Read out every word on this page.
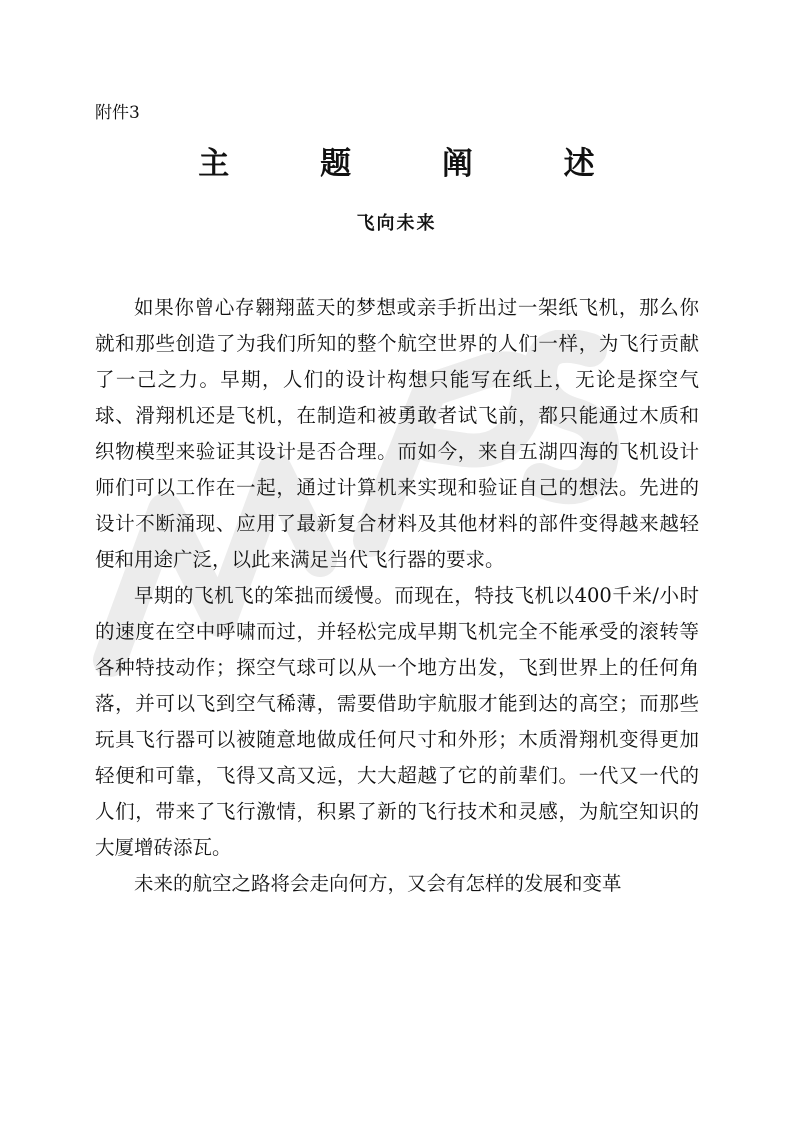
附件3
主 题 阐 述
飞向未来

如果你曾心存翱翔蓝天的梦想或亲手折出过一架纸飞机，那么你就和那些创造了为我们所知的整个航空世界的人们一样，为飞行贡献了一己之力。早期，人们的设计构想只能写在纸上，无论是探空气球、滑翔机还是飞机，在制造和被勇敢者试飞前，都只能通过木质和织物模型来验证其设计是否合理。而如今，来自五湖四海的飞机设计师们可以工作在一起，通过计算机来实现和验证自己的想法。先进的设计不断涌现、应用了最新复合材料及其他材料的部件变得越来越轻便和用途广泛，以此来满足当代飞行器的要求。

早期的飞机飞的笨拙而缓慢。而现在，特技飞机以400千米/小时的速度在空中呼啸而过，并轻松完成早期飞机完全不能承受的滚转等各种特技动作；探空气球可以从一个地方出发，飞到世界上的任何角落，并可以飞到空气稀薄，需要借助宇航服才能到达的高空；而那些玩具飞行器可以被随意地做成任何尺寸和外形；木质滑翔机变得更加轻便和可靠，飞得又高又远，大大超越了它的前辈们。一代又一代的人们，带来了飞行激情，积累了新的飞行技术和灵感，为航空知识的大厦增砖添瓦。

未来的航空之路将会走向何方，又会有怎样的发展和变革
